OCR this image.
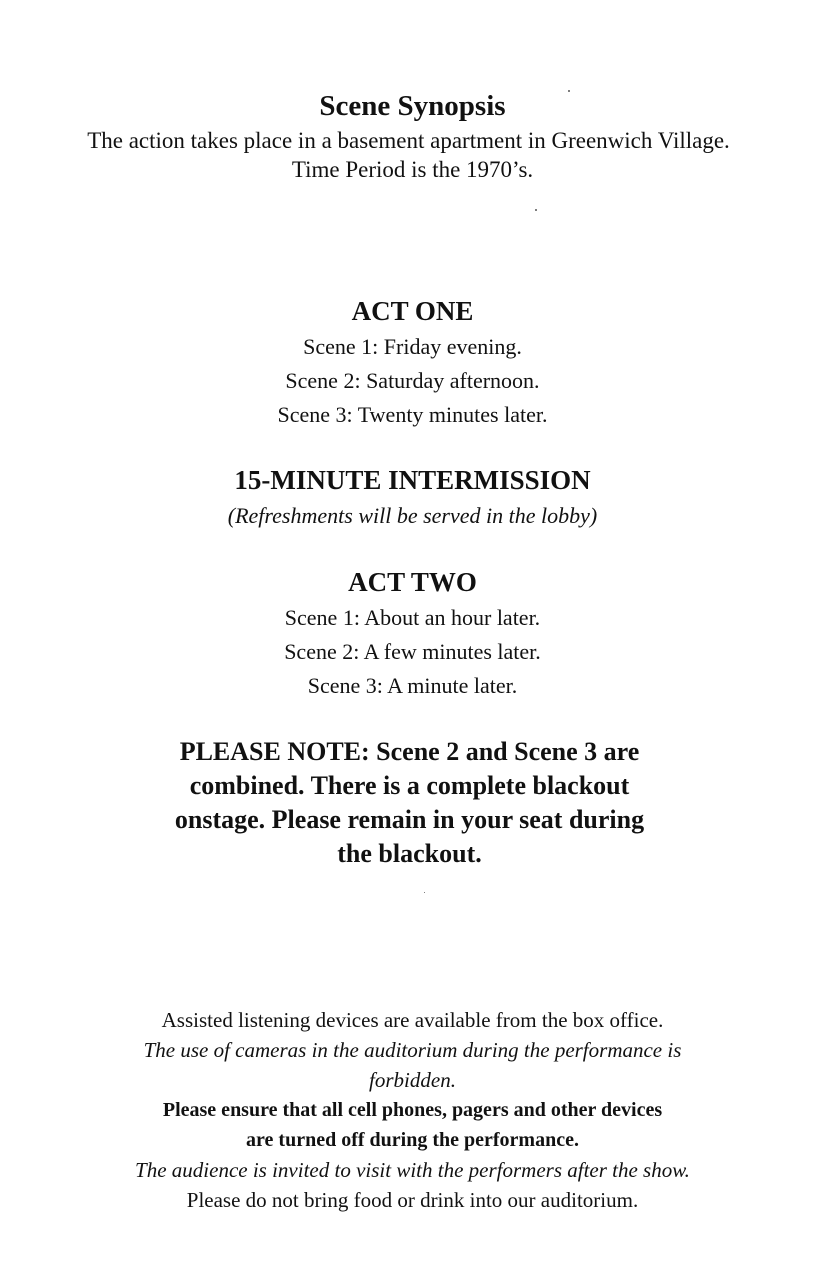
Scene Synopsis
The action takes place in a basement apartment in Greenwich Village.
Time Period is the 1970’s.
ACT ONE
Scene 1: Friday evening.
Scene 2: Saturday afternoon.
Scene 3: Twenty minutes later.
15-MINUTE INTERMISSION
(Refreshments will be served in the lobby)
ACT TWO
Scene 1: About an hour later.
Scene 2: A few minutes later.
Scene 3: A minute later.
PLEASE NOTE: Scene 2 and Scene 3 are
combined. There is a complete blackout
onstage. Please remain in your seat during
the blackout.
Assisted listening devices are available from the box office.
The use of cameras in the auditorium during the performance is
forbidden.
Please ensure that all cell phones, pagers and other devices
are turned off during the performance.
The audience is invited to visit with the performers after the show.
Please do not bring food or drink into our auditorium.
